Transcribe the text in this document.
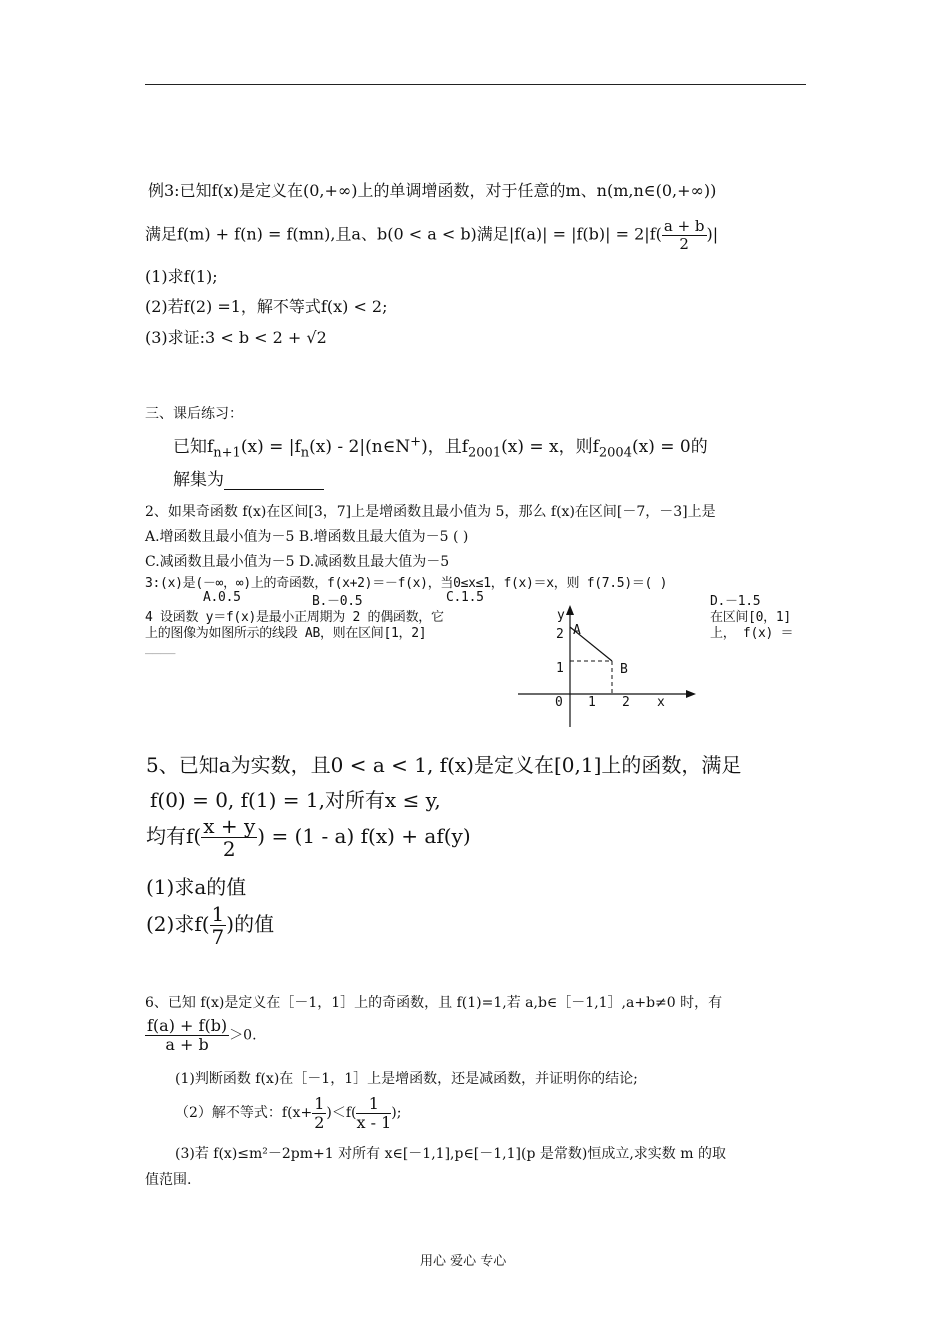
例3:已知f(x)是定义在(0,+∞)上的单调增函数，对于任意的m、n(m,n∈(0,+∞))
满足f(m) + f(n) = f(mn),且a、b(0 < a < b)满足$|f(a)| = |f(b)| = 2|f( \frac{a + b}{2}$ )|
(1)求f(1);
(2)若f(2) =1，解不等式f(x) < 2;
(3)求证:3 < b < 2 + √2
三、课后练习：
已知$f_{n+1}(x) = |f_n(x)$ - 2|(n∈N+)，且$f_{2001}(x) = x$，则$f_{2004}(x) = 0$的
解集为
2、如果奇函数 f(x)在区间[3，7]上是增函数且最小值为 5，那么 f(x)在区间[－7，－3]上是
A.增函数且最小值为－5 B.增函数且最大值为－5 ( )
C.减函数且最小值为－5 D.减函数且最大值为－5
3:(x)是(－∞，∞)上的奇函数，f(x+2)＝－f(x)，当0≤x≤1，f(x)＝x，则 f(7.5)＝( )
A.0.5	B.－0.5	C.1.5	D.－1.5
4 设函数 y＝f(x)是最小正周期为 2 的偶函数，它	在区间[0，1]
上的图像为如图所示的线段 AB，则在区间[1，2]	上， f(x) ＝
____
y
2 A
1	B
0 1 2 x
5、已知a为实数，且0 < a < 1, f(x)是定义在[0,1]上的函数，满足
f(0) = 0, f(1) = 1,对所有x ≤ y,
均有$f( \frac{x + y}{2}$ ) = (1 - a) f(x) + af(y)
(1)求a的值
(2)求$f( \frac{1}{7}$ )的值
6、已知 f(x)是定义在［－1，1］上的奇函数，且 f(1)=1,若 a,b∈［－1,1］,a+b≠0 时，有
$\frac{f(a) + f(b)}{a + b} >0$.
(1)判断函数 f(x)在［－1，1］上是增函数，还是减函数，并证明你的结论;
（2）解不等式：$f(x+ \frac{1}{2} )<f( \frac{1}{x - 1}$ );
(3)若 f(x)≤m²－2pm+1 对所有 x∈[－1,1],p∈[－1,1](p 是常数)恒成立,求实数 m 的取
值范围.
用心 爱心 专心
